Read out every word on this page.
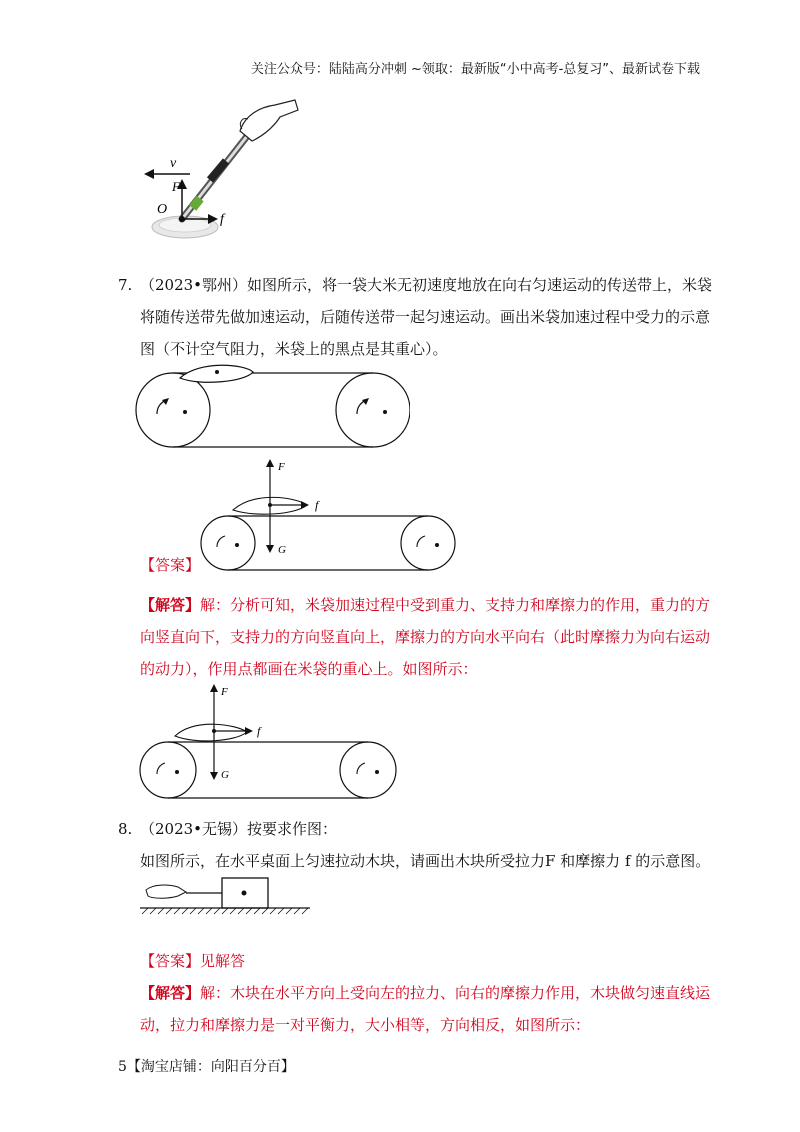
关注公众号：陆陆高分冲刺 ~领取：最新版“小中高考-总复习”、最新试卷下载
v
F
f
O
7. （2023•鄂州）如图所示，将一袋大米无初速度地放在向右匀速运动的传送带上，米袋
将随传送带先做加速运动，后随传送带一起匀速运动。画出米袋加速过程中受力的示意
图（不计空气阻力，米袋上的黑点是其重心）。
F
f
G
【答案】
【解答】解：分析可知，米袋加速过程中受到重力、支持力和摩擦力的作用，重力的方
向竖直向下，支持力的方向竖直向上，摩擦力的方向水平向右（此时摩擦力为向右运动
的动力），作用点都画在米袋的重心上。如图所示：
F
f
G
8. （2023•无锡）按要求作图：
如图所示，在水平桌面上匀速拉动木块，请画出木块所受拉力F 和摩擦力 f 的示意图。
【答案】见解答
【解答】解：木块在水平方向上受向左的拉力、向右的摩擦力作用，木块做匀速直线运
动，拉力和摩擦力是一对平衡力，大小相等，方向相反，如图所示：
5【淘宝店铺：向阳百分百】
